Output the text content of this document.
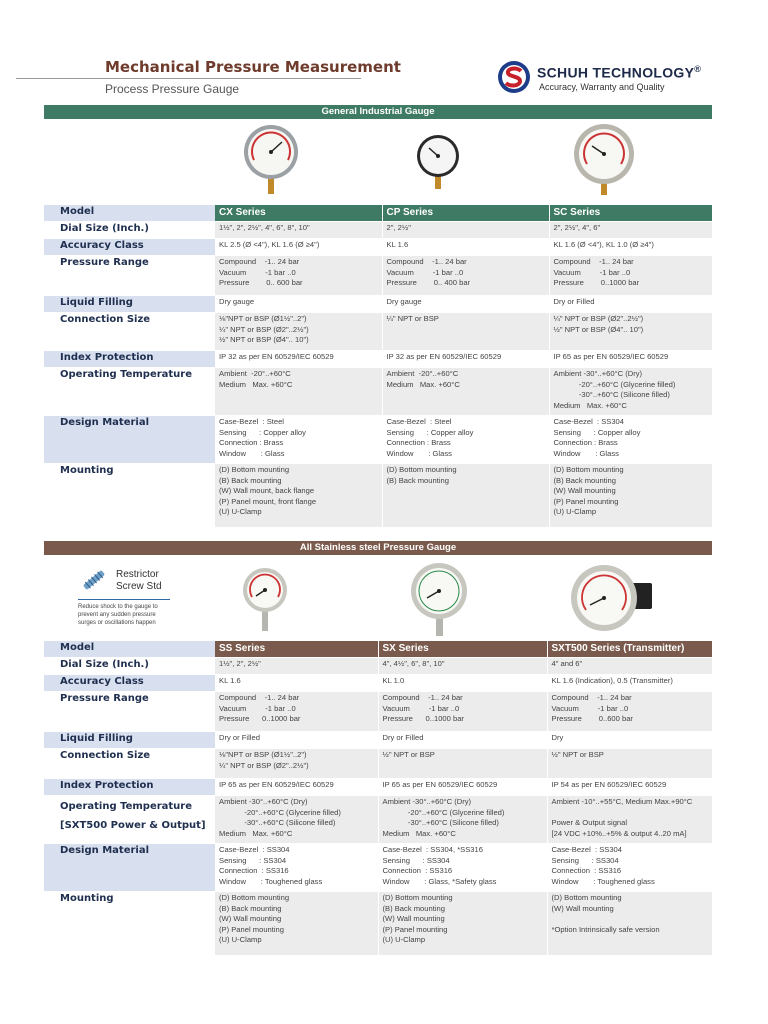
Mechanical Pressure Measurement
Process Pressure Gauge
SCHUH TECHNOLOGY®
Accuracy, Warranty and Quality
General Industrial Gauge
Model	CX Series	CP Series	SC Series
Dial Size (Inch.)	1½", 2", 2½", 4", 6", 8", 10"	2", 2½"	2", 2½", 4", 6"
Accuracy Class	KL 2.5 (Ø <4"), KL 1.6 (Ø ≥4")	KL 1.6	KL 1.6 (Ø <4"), KL 1.0 (Ø ≥4")
Pressure Range	Compound    -1.. 24 bar
Vacuum         -1 bar ..0
Pressure        0.. 600 bar	Compound    -1.. 24 bar
Vacuum         -1 bar ..0
Pressure        0.. 400 bar	Compound    -1.. 24 bar
Vacuum         -1 bar ..0
Pressure        0..1000 bar
Liquid Filling	Dry gauge	Dry gauge	Dry or Filled
Connection Size	⅛"NPT or BSP (Ø1½"..2")
¼" NPT or BSP (Ø2"..2½")
½" NPT or BSP (Ø4".. 10")	¼" NPT or BSP	¼" NPT or BSP (Ø2"..2½")
½" NPT or BSP (Ø4".. 10")
Index Protection	IP 32 as per EN 60529/IEC 60529	IP 32 as per EN 60529/IEC 60529	IP 65 as per EN 60529/IEC 60529
Operating Temperature	Ambient  -20°..+60°C
Medium   Max. +60°C	Ambient  -20°..+60°C
Medium   Max. +60°C	Ambient -30°..+60°C (Dry)
-20°..+60°C (Glycerine filled)
-30°..+60°C (Silicone filled)
Medium   Max. +60°C
Design Material	Case-Bezel  : Steel
Sensing      : Copper alloy
Connection : Brass
Window       : Glass	Case-Bezel  : Steel
Sensing      : Copper alloy
Connection : Brass
Window       : Glass	Case-Bezel  : SS304
Sensing      : Copper alloy
Connection : Brass
Window       : Glass
Mounting	(D) Bottom mounting
(B) Back mounting
(W) Wall mount, back flange
(P) Panel mount, front flange
(U) U-Clamp	(D) Bottom mounting
(B) Back mounting	(D) Bottom mounting
(B) Back mounting
(W) Wall mounting
(P) Panel mounting
(U) U-Clamp
All Stainless steel Pressure Gauge
Restrictor
Screw Std
Reduce shock to the gauge to
prevent any sudden pressure
surges or oscillations happen
Model	SS Series	SX Series	SXT500 Series (Transmitter)
Dial Size (Inch.)	1½", 2", 2½"	4", 4½", 6", 8", 10"	4" and 6"
Accuracy Class	KL 1.6	KL 1.0	KL 1.6 (Indication), 0.5 (Transmitter)
Pressure Range	Compound    -1.. 24 bar
Vacuum         -1 bar ..0
Pressure      0..1000 bar	Compound    -1.. 24 bar
Vacuum         -1 bar ..0
Pressure      0..1000 bar	Compound    -1.. 24 bar
Vacuum         -1 bar ..0
Pressure        0..600 bar
Liquid Filling	Dry or Filled	Dry or Filled	Dry
Connection Size	⅛"NPT or BSP (Ø1½"..2")
¼" NPT or BSP (Ø2"..2½")	½" NPT or BSP	½" NPT or BSP
Index Protection	IP 65 as per EN 60529/IEC 60529	IP 65 as per EN 60529/IEC 60529	IP 54 as per EN 60529/IEC 60529
Operating Temperature
[SXT500 Power & Output]	Ambient -30°..+60°C (Dry)
-20°..+60°C (Glycerine filled)
-30°..+60°C (Silicone filled)
Medium   Max. +60°C	Ambient -30°..+60°C (Dry)
-20°..+60°C (Glycerine filled)
-30°..+60°C (Silicone filled)
Medium   Max. +60°C	Ambient -10°..+55°C, Medium Max.+90°C

Power & Output signal
[24 VDC +10%..+5% & output 4..20 mA]
Design Material	Case-Bezel  : SS304
Sensing      : SS304
Connection  : SS316
Window       : Toughened glass	Case-Bezel  : SS304, *SS316
Sensing      : SS304
Connection  : SS316
Window       : Glass, *Safety glass	Case-Bezel  : SS304
Sensing      : SS304
Connection  : SS316
Window       : Toughened glass
Mounting	(D) Bottom mounting
(B) Back mounting
(W) Wall mounting
(P) Panel mounting
(U) U-Clamp	(D) Bottom mounting
(B) Back mounting
(W) Wall mounting
(P) Panel mounting
(U) U-Clamp	(D) Bottom mounting
(W) Wall mounting

*Option Intrinsically safe version
